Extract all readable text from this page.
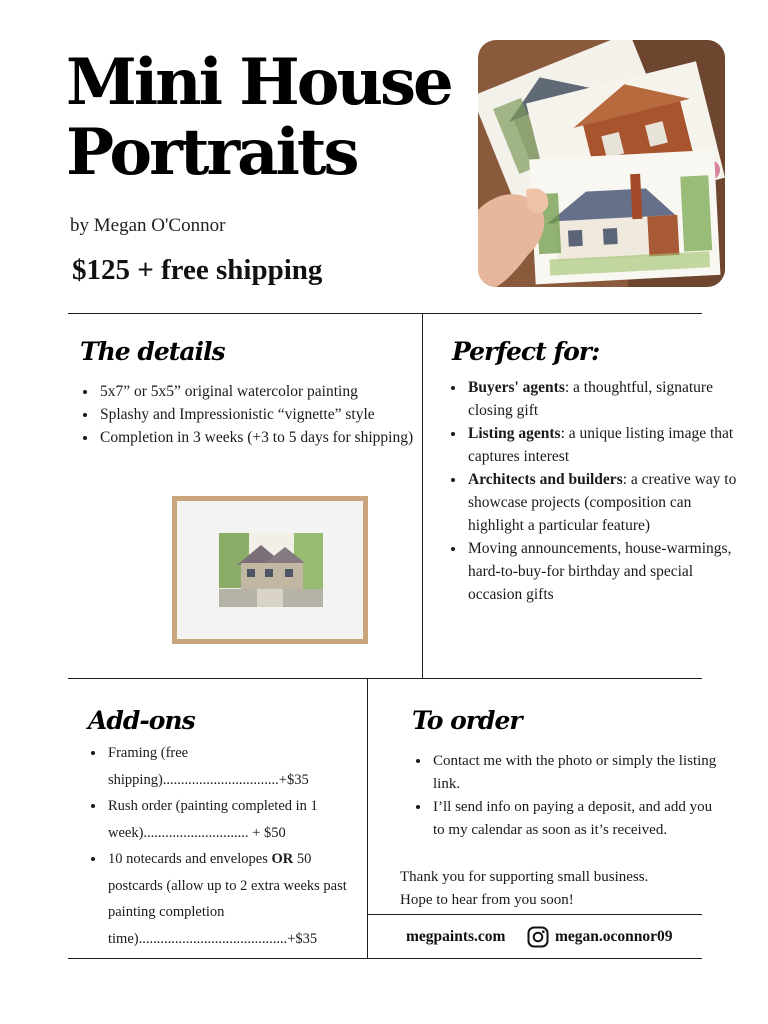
Mini House
Portraits
by Megan O'Connor
$125 + free shipping
The details
• 5x7” or 5x5” original watercolor painting
• Splashy and Impressionistic “vignette” style
• Completion in 3 weeks (+3 to 5 days for shipping)
Perfect for:
• Buyers' agents: a thoughtful, signature closing gift
• Listing agents: a unique listing image that captures interest
• Architects and builders: a creative way to showcase projects (composition can highlight a particular feature)
• Moving announcements, house-warmings, hard-to-buy-for birthday and special occasion gifts
Add-ons
• Framing (free shipping)................................+$35
• Rush order (painting completed in 1 week)............................. + $50
• 10 notecards and envelopes OR 50 postcards (allow up to 2 extra weeks past painting completion time).........................................+$35
To order
• Contact me with the photo or simply the listing link.
• I’ll send info on paying a deposit, and add you to my calendar as soon as it’s received.
Thank you for supporting small business.
Hope to hear from you soon!
megpaints.com	megan.oconnor09
